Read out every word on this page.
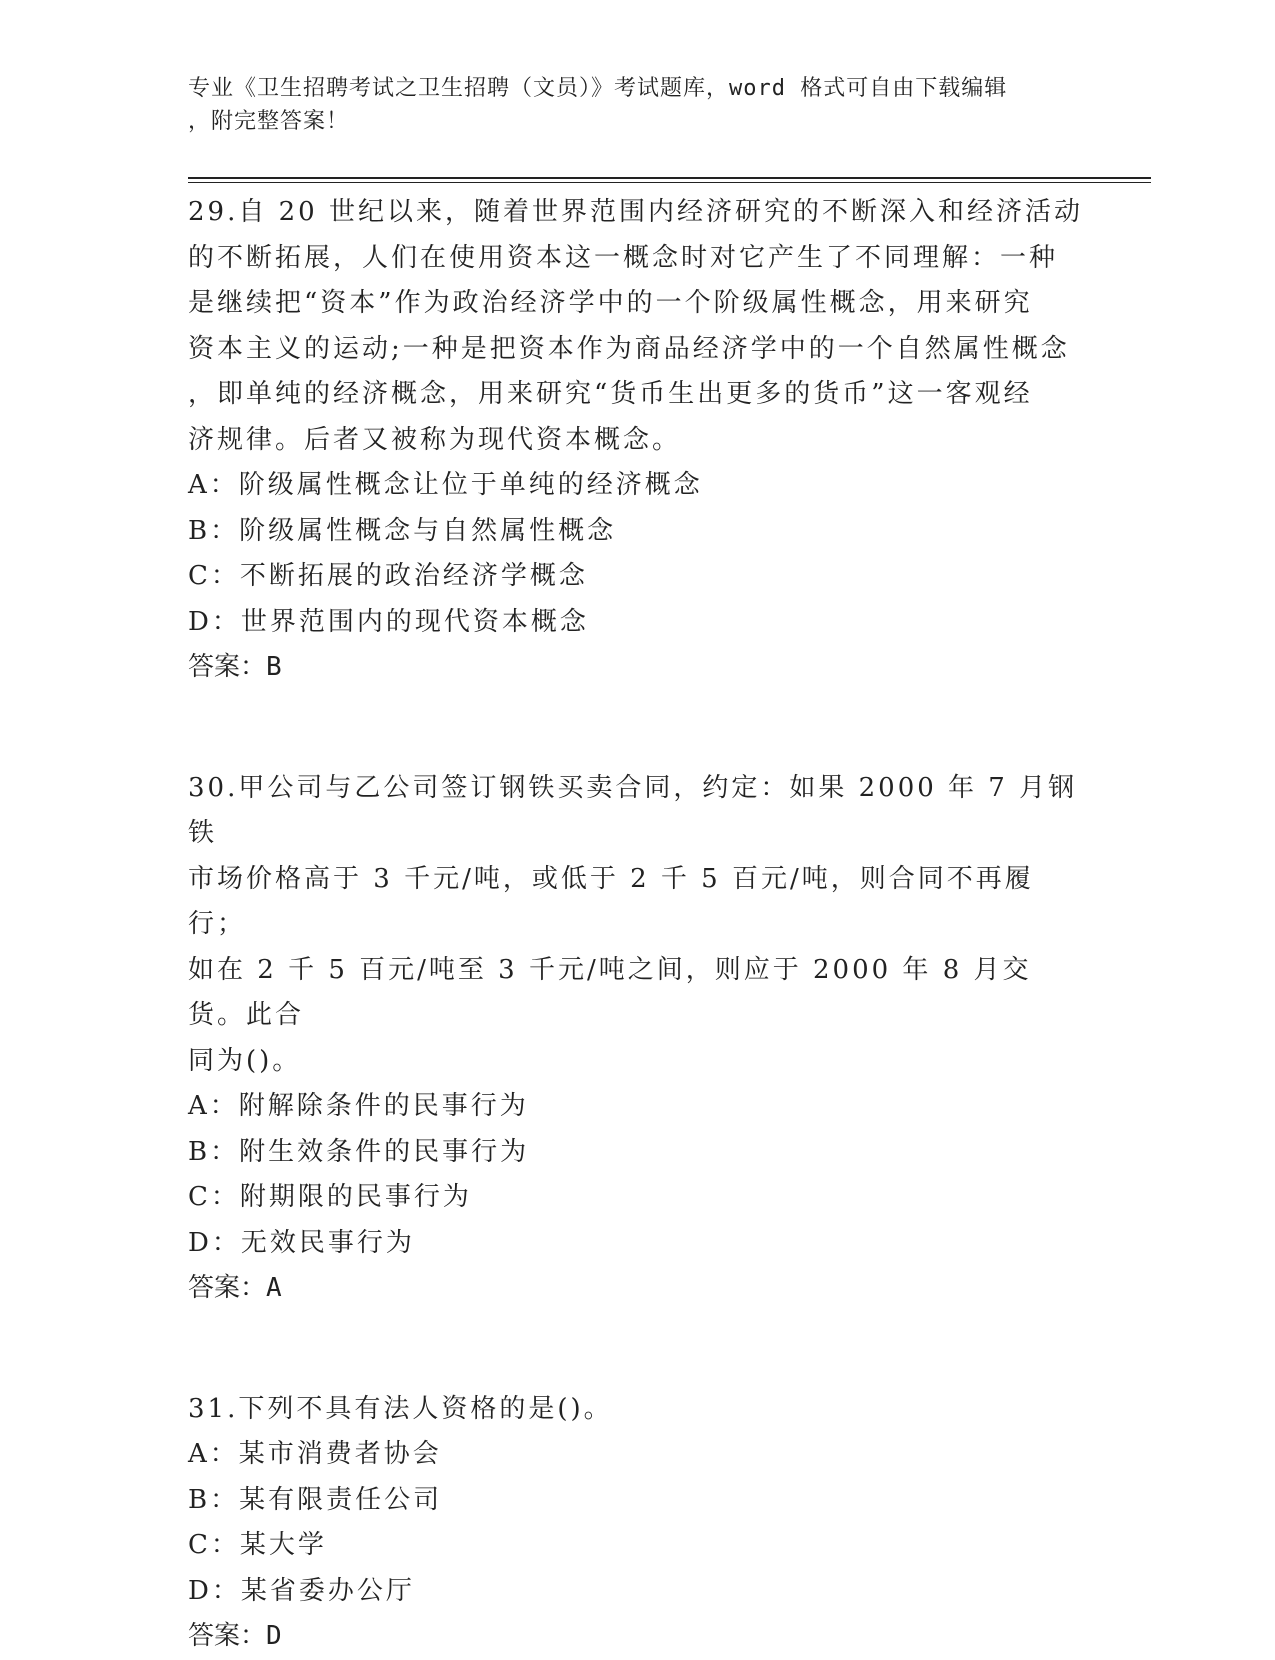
专业《卫生招聘考试之卫生招聘（文员）》考试题库，word 格式可自由下载编辑
，附完整答案！
29.自 20 世纪以来，随着世界范围内经济研究的不断深入和经济活动
的不断拓展，人们在使用资本这一概念时对它产生了不同理解：一种
是继续把“资本”作为政治经济学中的一个阶级属性概念，用来研究
资本主义的运动;一种是把资本作为商品经济学中的一个自然属性概念
，即单纯的经济概念，用来研究“货币生出更多的货币”这一客观经
济规律。后者又被称为现代资本概念。
A：阶级属性概念让位于单纯的经济概念
B：阶级属性概念与自然属性概念
C：不断拓展的政治经济学概念
D：世界范围内的现代资本概念
答案：B
30.甲公司与乙公司签订钢铁买卖合同，约定：如果 2000 年 7 月钢铁
市场价格高于 3 千元/吨，或低于 2 千 5 百元/吨，则合同不再履行；
如在 2 千 5 百元/吨至 3 千元/吨之间，则应于 2000 年 8 月交货。此合
同为()。
A：附解除条件的民事行为
B：附生效条件的民事行为
C：附期限的民事行为
D：无效民事行为
答案：A
31.下列不具有法人资格的是()。
A：某市消费者协会
B：某有限责任公司
C：某大学
D：某省委办公厅
答案：D
